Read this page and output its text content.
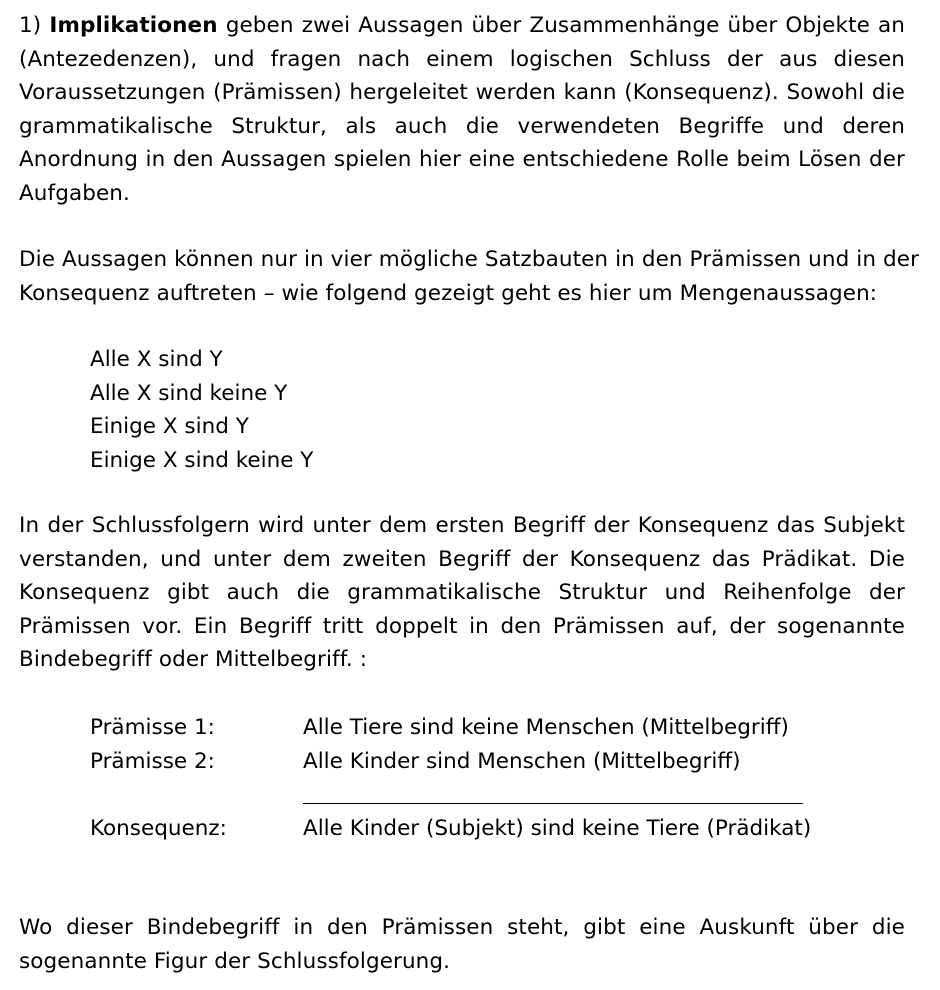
1) Implikationen geben zwei Aussagen über Zusammenhänge über Objekte an
(Antezedenzen), und fragen nach einem logischen Schluss der aus diesen
Voraussetzungen (Prämissen) hergeleitet werden kann (Konsequenz). Sowohl die
grammatikalische Struktur, als auch die verwendeten Begriffe und deren
Anordnung in den Aussagen spielen hier eine entschiedene Rolle beim Lösen der
Aufgaben.
Die Aussagen können nur in vier mögliche Satzbauten in den Prämissen und in der
Konsequenz auftreten – wie folgend gezeigt geht es hier um Mengenaussagen:
Alle X sind Y
Alle X sind keine Y
Einige X sind Y
Einige X sind keine Y
In der Schlussfolgern wird unter dem ersten Begriff der Konsequenz das Subjekt
verstanden, und unter dem zweiten Begriff der Konsequenz das Prädikat. Die
Konsequenz gibt auch die grammatikalische Struktur und Reihenfolge der
Prämissen vor. Ein Begriff tritt doppelt in den Prämissen auf, der sogenannte
Bindebegriff oder Mittelbegriff. :
Prämisse 1:	Alle Tiere sind keine Menschen (Mittelbegriff)
Prämisse 2:	Alle Kinder sind Menschen (Mittelbegriff)
Konsequenz:	Alle Kinder (Subjekt) sind keine Tiere (Prädikat)
Wo dieser Bindebegriff in den Prämissen steht, gibt eine Auskunft über die
sogenannte Figur der Schlussfolgerung.
